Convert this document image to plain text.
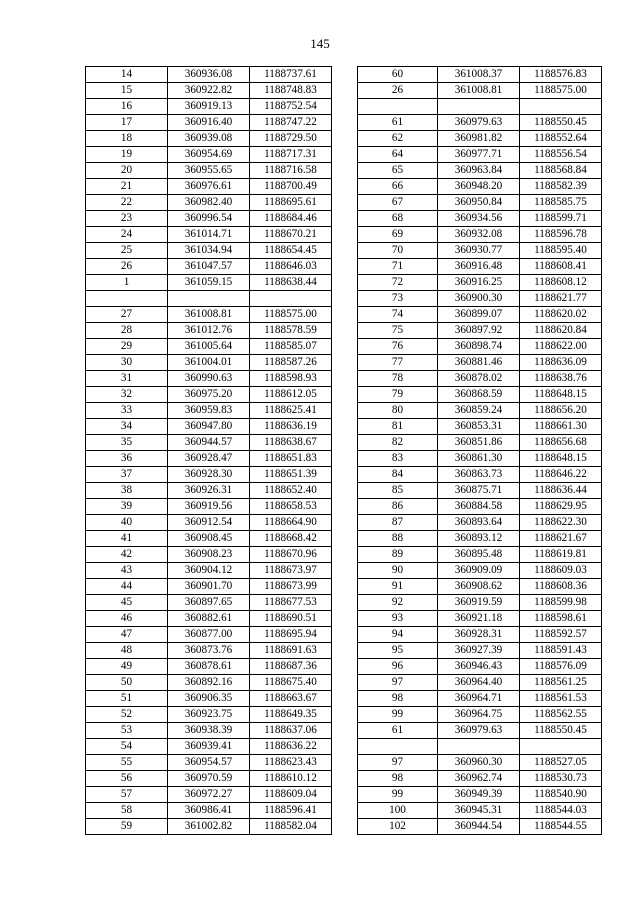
145
14	360936.08	1188737.61
15	360922.82	1188748.83
16	360919.13	1188752.54
17	360916.40	1188747.22
18	360939.08	1188729.50
19	360954.69	1188717.31
20	360955.65	1188716.58
21	360976.61	1188700.49
22	360982.40	1188695.61
23	360996.54	1188684.46
24	361014.71	1188670.21
25	361034.94	1188654.45
26	361047.57	1188646.03
1	361059.15	1188638.44

27	361008.81	1188575.00
28	361012.76	1188578.59
29	361005.64	1188585.07
30	361004.01	1188587.26
31	360990.63	1188598.93
32	360975.20	1188612.05
33	360959.83	1188625.41
34	360947.80	1188636.19
35	360944.57	1188638.67
36	360928.47	1188651.83
37	360928.30	1188651.39
38	360926.31	1188652.40
39	360919.56	1188658.53
40	360912.54	1188664.90
41	360908.45	1188668.42
42	360908.23	1188670.96
43	360904.12	1188673.97
44	360901.70	1188673.99
45	360897.65	1188677.53
46	360882.61	1188690.51
47	360877.00	1188695.94
48	360873.76	1188691.63
49	360878.61	1188687.36
50	360892.16	1188675.40
51	360906.35	1188663.67
52	360923.75	1188649.35
53	360938.39	1188637.06
54	360939.41	1188636.22
55	360954.57	1188623.43
56	360970.59	1188610.12
57	360972.27	1188609.04
58	360986.41	1188596.41
59	361002.82	1188582.04
60	361008.37	1188576.83
26	361008.81	1188575.00

61	360979.63	1188550.45
62	360981.82	1188552.64
64	360977.71	1188556.54
65	360963.84	1188568.84
66	360948.20	1188582.39
67	360950.84	1188585.75
68	360934.56	1188599.71
69	360932.08	1188596.78
70	360930.77	1188595.40
71	360916.48	1188608.41
72	360916.25	1188608.12
73	360900.30	1188621.77
74	360899.07	1188620.02
75	360897.92	1188620.84
76	360898.74	1188622.00
77	360881.46	1188636.09
78	360878.02	1188638.76
79	360868.59	1188648.15
80	360859.24	1188656.20
81	360853.31	1188661.30
82	360851.86	1188656.68
83	360861.30	1188648.15
84	360863.73	1188646.22
85	360875.71	1188636.44
86	360884.58	1188629.95
87	360893.64	1188622.30
88	360893.12	1188621.67
89	360895.48	1188619.81
90	360909.09	1188609.03
91	360908.62	1188608.36
92	360919.59	1188599.98
93	360921.18	1188598.61
94	360928.31	1188592.57
95	360927.39	1188591.43
96	360946.43	1188576.09
97	360964.40	1188561.25
98	360964.71	1188561.53
99	360964.75	1188562.55
61	360979.63	1188550.45

97	360960.30	1188527.05
98	360962.74	1188530.73
99	360949.39	1188540.90
100	360945.31	1188544.03
102	360944.54	1188544.55
